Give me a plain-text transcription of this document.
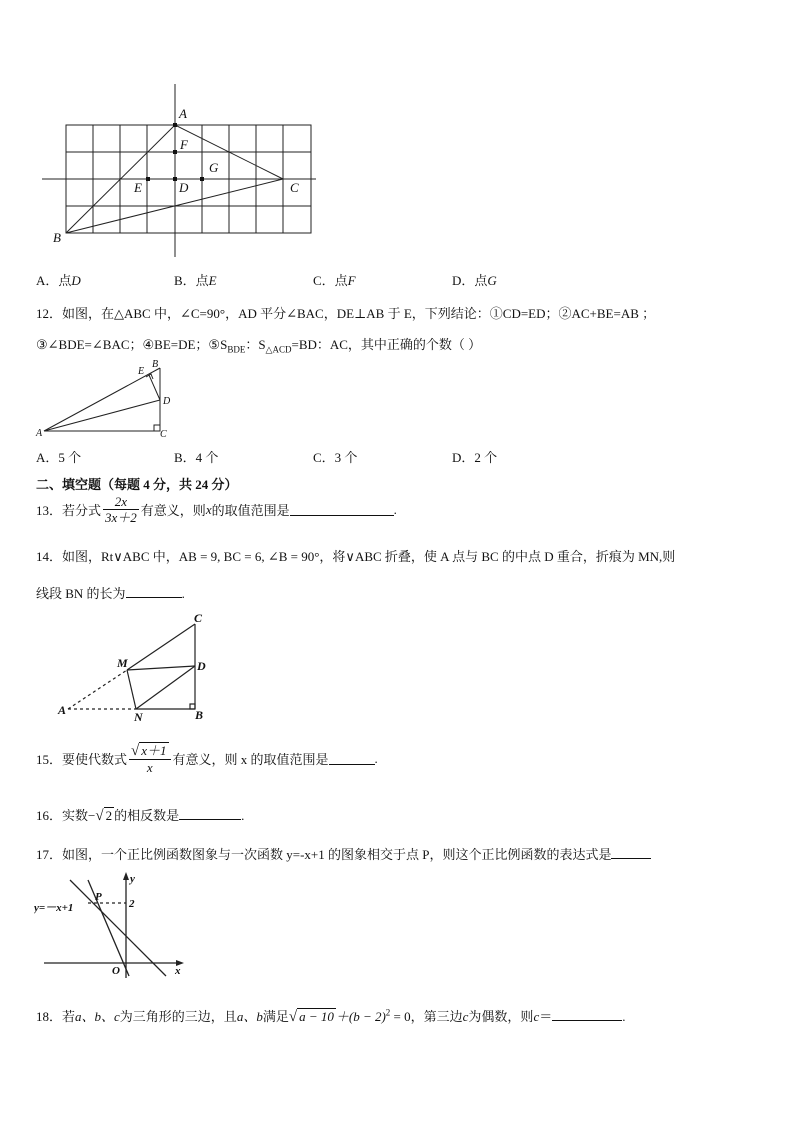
A
F
G
E	D	C
B
A．点D	B．点E	C．点F	D．点G
12．如图，在△ABC 中，∠C=90°，AD 平分∠BAC，DE⊥AB 于 E，下列结论：①CD=ED；②AC+BE=AB ；
③∠BDE=∠BAC；④BE=DE；$⑤S_{BDE}$：$S_{\triangle ACD}=BD$：AC，其中正确的个数（ ）
A
B
E
D
C
A．5 个	B．4 个	C．3 个	D．2 个
二、填空题（每题 4 分，共 24 分）
13．若分式 $\frac{2x}{3x+2}$ 有意义，则 x 的取值范围是	.
14．如图，Rt∨ABC 中，AB = 9, BC = 6, ∠B = 90°，将∨ABC 折叠，使 A 点与 BC 的中点 D 重合，折痕为 MN,则
线段 BN 的长为	.
C
M	D
A	N	B
15．要使代数式 $\frac{√ x+1}{x}$ 有意义，则 x 的取值范围是	.
16．实数−√ 2 的相反数是	.
17．如图，一个正比例函数图象与一次函数 y=-x+1 的图象相交于点 P，则这个正比例函数的表达式是
y=－x+1
P
y
2
O	x
18．若a、b、c为三角形的三边，且a、b满足√ $a - 10 +(b - 2)^2 = 0$，第三边c为偶数，则c＝	.
